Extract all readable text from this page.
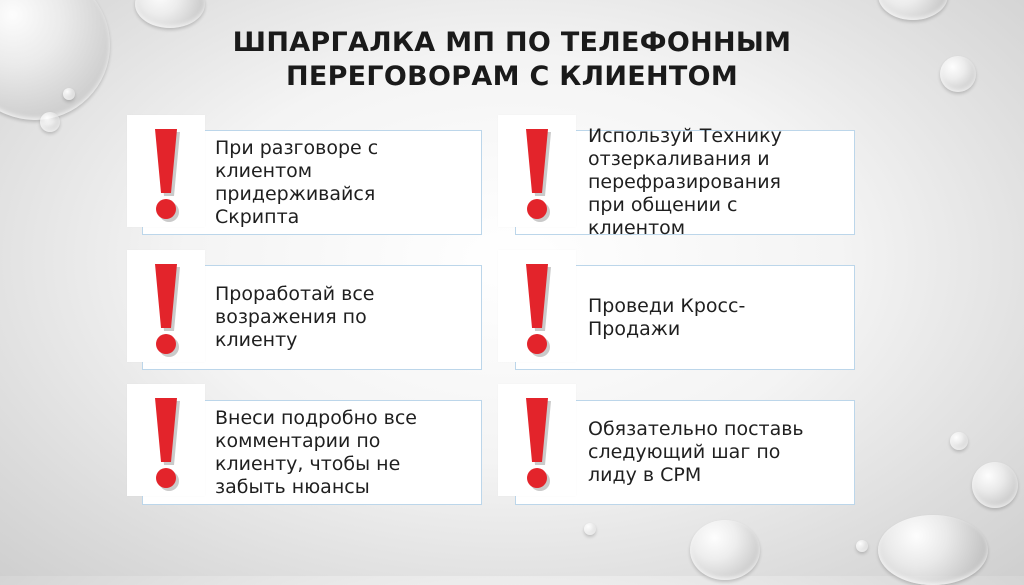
ШПАРГАЛКА МП ПО ТЕЛЕФОННЫМ
ПЕРЕГОВОРАМ С КЛИЕНТОМ
При разговоре с
клиентом
придерживайся
Скрипта
Используй Технику
отзеркаливания и
перефразирования
при общении с
клиентом
Проработай все
возражения по
клиенту
Проведи Кросс-
Продажи
Внеси подробно все
комментарии по
клиенту, чтобы не
забыть нюансы
Обязательно поставь
следующий шаг по
лиду в СРМ
